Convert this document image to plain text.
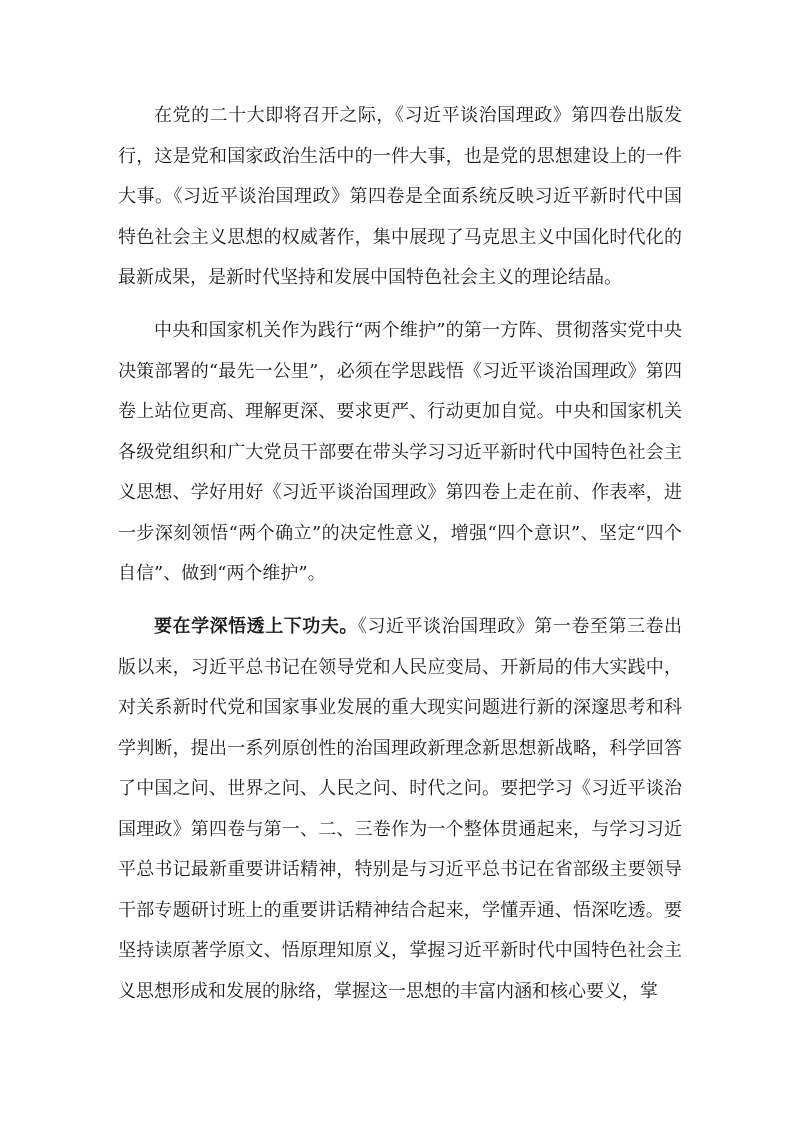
在党的二十大即将召开之际，《习近平谈治国理政》第四卷出版发行，这是党和国家政治生活中的一件大事，也是党的思想建设上的一件大事。《习近平谈治国理政》第四卷是全面系统反映习近平新时代中国特色社会主义思想的权威著作，集中展现了马克思主义中国化时代化的最新成果，是新时代坚持和发展中国特色社会主义的理论结晶。

中央和国家机关作为践行“两个维护”的第一方阵、贯彻落实党中央决策部署的“最先一公里”，必须在学思践悟《习近平谈治国理政》第四卷上站位更高、理解更深、要求更严、行动更加自觉。中央和国家机关各级党组织和广大党员干部要在带头学习习近平新时代中国特色社会主义思想、学好用好《习近平谈治国理政》第四卷上走在前、作表率，进一步深刻领悟“两个确立”的决定性意义，增强“四个意识”、坚定“四个自信”、做到“两个维护”。

要在学深悟透上下功夫。《习近平谈治国理政》第一卷至第三卷出版以来，习近平总书记在领导党和人民应变局、开新局的伟大实践中，对关系新时代党和国家事业发展的重大现实问题进行新的深邃思考和科学判断，提出一系列原创性的治国理政新理念新思想新战略，科学回答了中国之问、世界之问、人民之问、时代之问。要把学习《习近平谈治国理政》第四卷与第一、二、三卷作为一个整体贯通起来，与学习习近平总书记最新重要讲话精神，特别是与习近平总书记在省部级主要领导干部专题研讨班上的重要讲话精神结合起来，学懂弄通、悟深吃透。要坚持读原著学原文、悟原理知原义，掌握习近平新时代中国特色社会主义思想形成和发展的脉络，掌握这一思想的丰富内涵和核心要义，掌
